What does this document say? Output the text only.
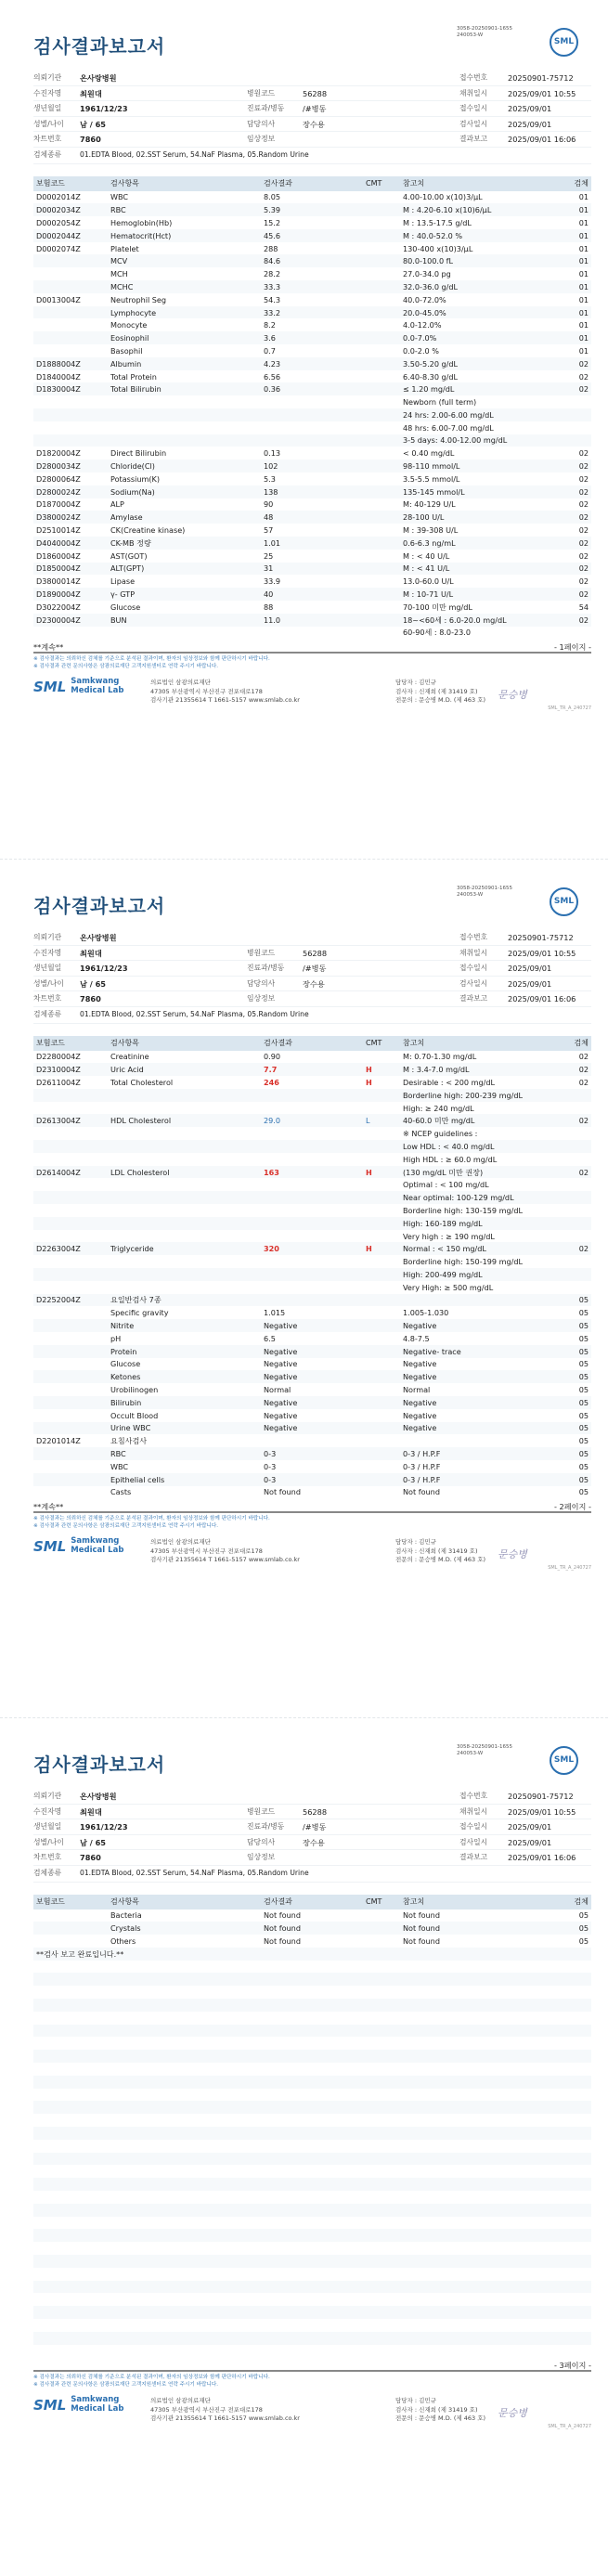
검사결과보고서
3058-20250901-1655
240053-W
SML
의뢰기관 온사랑병원	접수번호	20250901-75712
수진자명 최원대	병원코드	56288	채취일시	2025/09/01 10:55
생년월일 1961/12/23	진료과/병동 /#병동	접수일시	2025/09/01
성별/나이 남 / 65	담당의사	장수용	검사일시	2025/09/01
차트번호 7860	임상정보	결과보고	2025/09/01 16:06
검체종류	01.EDTA Blood, 02.SST Serum, 54.NaF Plasma, 05.Random Urine
보험코드	검사항목	검사결과	CMT	참고치	검체
D0002014Z	WBC	8.05		4.00-10.00 x(10)3/μL	01
D0002034Z	RBC	5.39		M : 4.20-6.10 x(10)6/μL	01
D0002054Z	Hemoglobin(Hb)	15.2		M : 13.5-17.5 g/dL	01
D0002044Z	Hematocrit(Hct)	45.6		M : 40.0-52.0 %	01
D0002074Z	Platelet	288		130-400 x(10)3/μL	01
	MCV	84.6		80.0-100.0 fL	01
	MCH	28.2		27.0-34.0 pg	01
	MCHC	33.3		32.0-36.0 g/dL	01
D0013004Z	Neutrophil Seg	54.3		40.0-72.0%	01
	Lymphocyte	33.2		20.0-45.0%	01
	Monocyte	8.2		4.0-12.0%	01
	Eosinophil	3.6		0.0-7.0%	01
	Basophil	0.7		0.0-2.0 %	01
D1888004Z	Albumin	4.23		3.50-5.20 g/dL	02
D1840004Z	Total Protein	6.56		6.40-8.30 g/dL	02
D1830004Z	Total Bilirubin	0.36		≤ 1.20 mg/dL	02
				Newborn (full term)	
				24 hrs: 2.00-6.00 mg/dL	
				48 hrs: 6.00-7.00 mg/dL	
				3-5 days: 4.00-12.00 mg/dL	
D1820004Z	Direct Bilirubin	0.13		< 0.40 mg/dL	02
D2800034Z	Chloride(Cl)	102		98-110 mmol/L	02
D2800064Z	Potassium(K)	5.3		3.5-5.5 mmol/L	02
D2800024Z	Sodium(Na)	138		135-145 mmol/L	02
D1870004Z	ALP	90		M: 40-129 U/L	02
D3800024Z	Amylase	48		28-100 U/L	02
D2510014Z	CK(Creatine kinase)	57		M : 39-308 U/L	02
D4040004Z	CK-MB 정량	1.01		0.6-6.3 ng/mL	02
D1860004Z	AST(GOT)	25		M : < 40 U/L	02
D1850004Z	ALT(GPT)	31		M : < 41 U/L	02
D3800014Z	Lipase	33.9		13.0-60.0 U/L	02
D1890004Z	γ- GTP	40		M : 10-71 U/L	02
D3022004Z	Glucose	88		70-100 미만 mg/dL	54
D2300004Z	BUN	11.0		18~<60세 : 6.0-20.0 mg/dL	02
				60-90세 : 8.0-23.0	
**계속**	- 1페이지 -
※ 검사결과는 의뢰하신 검체를 기준으로 분석된 결과이며, 환자의 임상정보와 함께 판단하시기 바랍니다.
※ 검사결과 관련 문의사항은 삼광의료재단 고객지원센터로 연락 주시기 바랍니다.
SML Samkwang
Medical Lab
의료법인 삼광의료재단
47305 부산광역시 부산진구 전포대로178
검사기관 21355614 T 1661-5157 www.smlab.co.kr
담당자 : 김민규
검사자 : 신재희 (제 31419 호)
전문의 : 문승병 M.D. (제 463 호) 문승병
SML_TR_A_240727
검사결과보고서
3058-20250901-1655
240053-W
SML
의뢰기관 온사랑병원	접수번호	20250901-75712
수진자명 최원대	병원코드	56288	채취일시	2025/09/01 10:55
생년월일 1961/12/23	진료과/병동 /#병동	접수일시	2025/09/01
성별/나이 남 / 65	담당의사	장수용	검사일시	2025/09/01
차트번호 7860	임상정보	결과보고	2025/09/01 16:06
검체종류	01.EDTA Blood, 02.SST Serum, 54.NaF Plasma, 05.Random Urine
보험코드	검사항목	검사결과	CMT	참고치	검체
D2280004Z	Creatinine	0.90		M: 0.70-1.30 mg/dL	02
D2310004Z	Uric Acid	7.7	H	M : 3.4-7.0 mg/dL	02
D2611004Z	Total Cholesterol	246	H	Desirable : < 200 mg/dL	02
				Borderline high: 200-239 mg/dL	
				High: ≥ 240 mg/dL	
D2613004Z	HDL Cholesterol	29.0	L	40-60.0 미만 mg/dL	02
				※ NCEP guidelines :	
				Low HDL : < 40.0 mg/dL	
				High HDL : ≥ 60.0 mg/dL	
D2614004Z	LDL Cholesterol	163	H	(130 mg/dL 미만 권장)	02
				Optimal : < 100 mg/dL	
				Near optimal: 100-129 mg/dL	
				Borderline high: 130-159 mg/dL	
				High: 160-189 mg/dL	
				Very high : ≥ 190 mg/dL	
D2263004Z	Triglyceride	320	H	Normal : < 150 mg/dL	02
				Borderline high: 150-199 mg/dL	
				High: 200-499 mg/dL	
				Very High: ≥ 500 mg/dL	
D2252004Z	요일반검사 7종				05
	Specific gravity	1.015		1.005-1.030	05
	Nitrite	Negative		Negative	05
	pH	6.5		4.8-7.5	05
	Protein	Negative		Negative- trace	05
	Glucose	Negative		Negative	05
	Ketones	Negative		Negative	05
	Urobilinogen	Normal		Normal	05
	Bilirubin	Negative		Negative	05
	Occult Blood	Negative		Negative	05
	Urine WBC	Negative		Negative	05
D2201014Z	요침사검사				05
	RBC	0-3		0-3 / H.P.F	05
	WBC	0-3		0-3 / H.P.F	05
	Epithelial cells	0-3		0-3 / H.P.F	05
	Casts	Not found		Not found	05
**계속**	- 2페이지 -
※ 검사결과는 의뢰하신 검체를 기준으로 분석된 결과이며, 환자의 임상정보와 함께 판단하시기 바랍니다.
※ 검사결과 관련 문의사항은 삼광의료재단 고객지원센터로 연락 주시기 바랍니다.
SML Samkwang
Medical Lab
의료법인 삼광의료재단
47305 부산광역시 부산진구 전포대로178
검사기관 21355614 T 1661-5157 www.smlab.co.kr
담당자 : 김민규
검사자 : 신재희 (제 31419 호)
전문의 : 문승병 M.D. (제 463 호) 문승병
SML_TR_A_240727
검사결과보고서
3058-20250901-1655
240053-W
SML
의뢰기관 온사랑병원	접수번호	20250901-75712
수진자명 최원대	병원코드	56288	채취일시	2025/09/01 10:55
생년월일 1961/12/23	진료과/병동 /#병동	접수일시	2025/09/01
성별/나이 남 / 65	담당의사	장수용	검사일시	2025/09/01
차트번호 7860	임상정보	결과보고	2025/09/01 16:06
검체종류	01.EDTA Blood, 02.SST Serum, 54.NaF Plasma, 05.Random Urine
보험코드	검사항목	검사결과	CMT	참고치	검체
	Bacteria	Not found		Not found	05
	Crystals	Not found		Not found	05
	Others	Not found		Not found	05
**검사 보고 완료입니다.**					

- 3페이지 -
※ 검사결과는 의뢰하신 검체를 기준으로 분석된 결과이며, 환자의 임상정보와 함께 판단하시기 바랍니다.
※ 검사결과 관련 문의사항은 삼광의료재단 고객지원센터로 연락 주시기 바랍니다.
SML Samkwang
Medical Lab
의료법인 삼광의료재단
47305 부산광역시 부산진구 전포대로178
검사기관 21355614 T 1661-5157 www.smlab.co.kr
담당자 : 김민규
검사자 : 신재희 (제 31419 호)
전문의 : 문승병 M.D. (제 463 호) 문승병
SML_TR_A_240727
